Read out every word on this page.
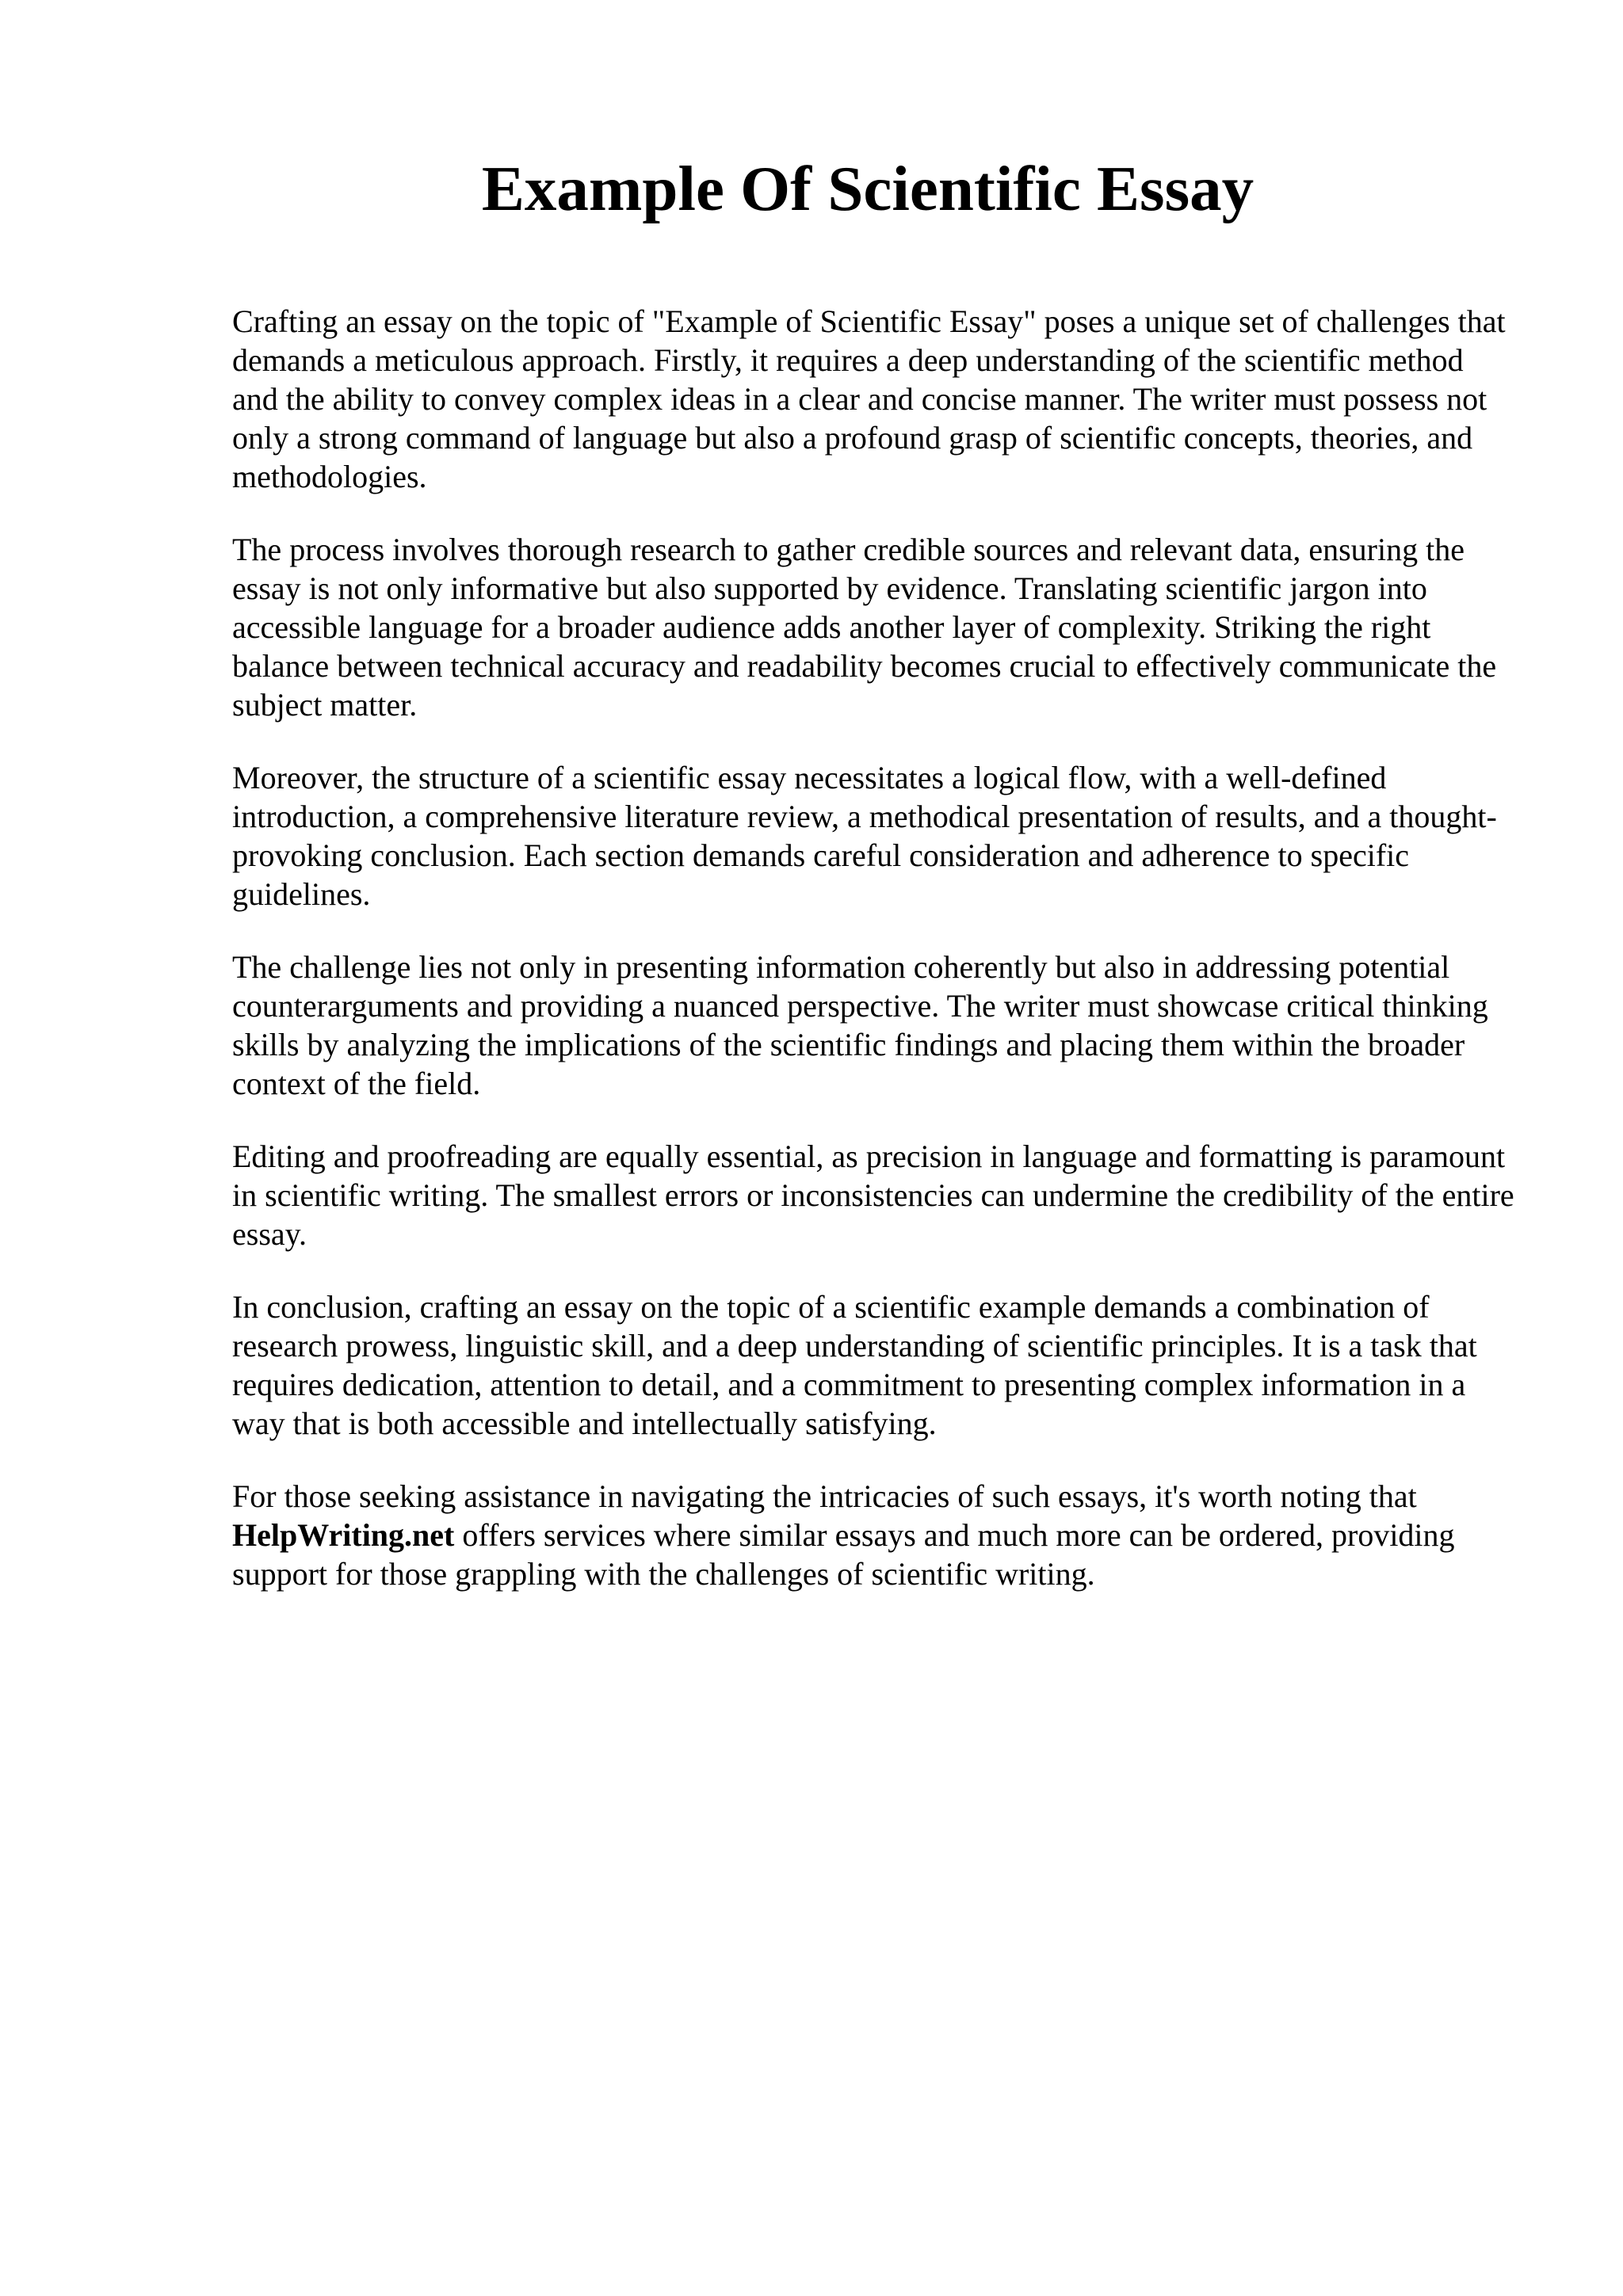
Example Of Scientific Essay

Crafting an essay on the topic of "Example of Scientific Essay" poses a unique set of challenges that demands a meticulous approach. Firstly, it requires a deep understanding of the scientific method and the ability to convey complex ideas in a clear and concise manner. The writer must possess not only a strong command of language but also a profound grasp of scientific concepts, theories, and methodologies.

The process involves thorough research to gather credible sources and relevant data, ensuring the essay is not only informative but also supported by evidence. Translating scientific jargon into accessible language for a broader audience adds another layer of complexity. Striking the right balance between technical accuracy and readability becomes crucial to effectively communicate the subject matter.

Moreover, the structure of a scientific essay necessitates a logical flow, with a well-defined introduction, a comprehensive literature review, a methodical presentation of results, and a thought-provoking conclusion. Each section demands careful consideration and adherence to specific guidelines.

The challenge lies not only in presenting information coherently but also in addressing potential counterarguments and providing a nuanced perspective. The writer must showcase critical thinking skills by analyzing the implications of the scientific findings and placing them within the broader context of the field.

Editing and proofreading are equally essential, as precision in language and formatting is paramount in scientific writing. The smallest errors or inconsistencies can undermine the credibility of the entire essay.

In conclusion, crafting an essay on the topic of a scientific example demands a combination of research prowess, linguistic skill, and a deep understanding of scientific principles. It is a task that requires dedication, attention to detail, and a commitment to presenting complex information in a way that is both accessible and intellectually satisfying.

For those seeking assistance in navigating the intricacies of such essays, it's worth noting that HelpWriting.net offers services where similar essays and much more can be ordered, providing support for those grappling with the challenges of scientific writing.
